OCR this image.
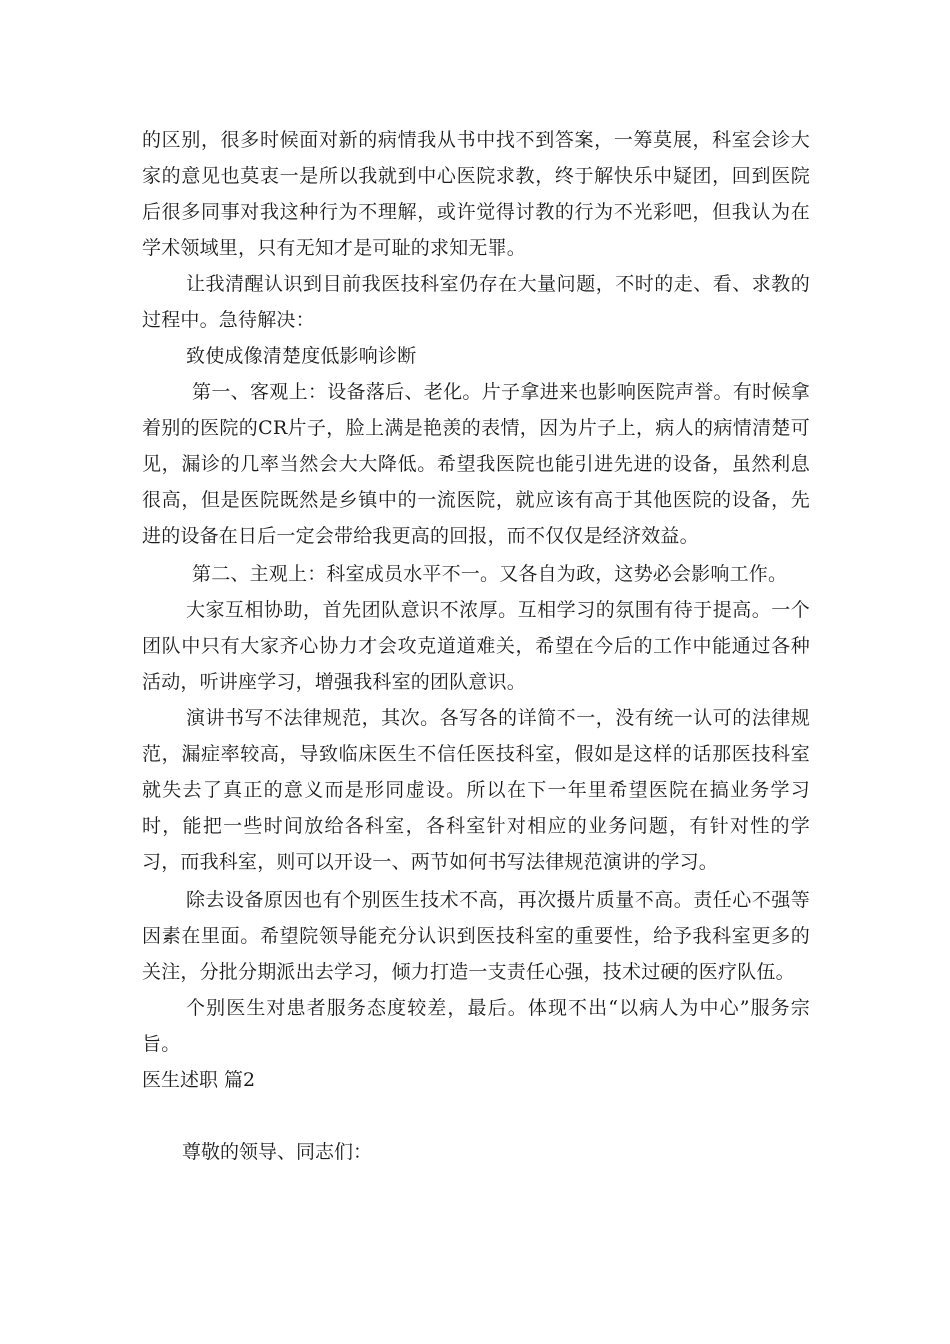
的区别，很多时候面对新的病情我从书中找不到答案，一筹莫展，科室会诊大家的意见也莫衷一是所以我就到中心医院求教，终于解快乐中疑团，回到医院后很多同事对我这种行为不理解，或许觉得讨教的行为不光彩吧，但我认为在学术领域里，只有无知才是可耻的求知无罪。

让我清醒认识到目前我医技科室仍存在大量问题，不时的走、看、求教的过程中。急待解决：

致使成像清楚度低影响诊断

第一、客观上：设备落后、老化。片子拿进来也影响医院声誉。有时候拿着别的医院的CR片子，脸上满是艳羡的表情，因为片子上，病人的病情清楚可见，漏诊的几率当然会大大降低。希望我医院也能引进先进的设备，虽然利息很高，但是医院既然是乡镇中的一流医院，就应该有高于其他医院的设备，先进的设备在日后一定会带给我更高的回报，而不仅仅是经济效益。

第二、主观上：科室成员水平不一。又各自为政，这势必会影响工作。

大家互相协助，首先团队意识不浓厚。互相学习的氛围有待于提高。一个团队中只有大家齐心协力才会攻克道道难关，希望在今后的工作中能通过各种活动，听讲座学习，增强我科室的团队意识。

演讲书写不法律规范，其次。各写各的详简不一，没有统一认可的法律规范，漏症率较高，导致临床医生不信任医技科室，假如是这样的话那医技科室就失去了真正的意义而是形同虚设。所以在下一年里希望医院在搞业务学习时，能把一些时间放给各科室，各科室针对相应的业务问题，有针对性的学习，而我科室，则可以开设一、两节如何书写法律规范演讲的学习。

除去设备原因也有个别医生技术不高，再次摄片质量不高。责任心不强等因素在里面。希望院领导能充分认识到医技科室的重要性，给予我科室更多的关注，分批分期派出去学习，倾力打造一支责任心强，技术过硬的医疗队伍。

个别医生对患者服务态度较差，最后。体现不出“以病人为中心”服务宗旨。

医生述职 篇2

尊敬的领导、同志们：
